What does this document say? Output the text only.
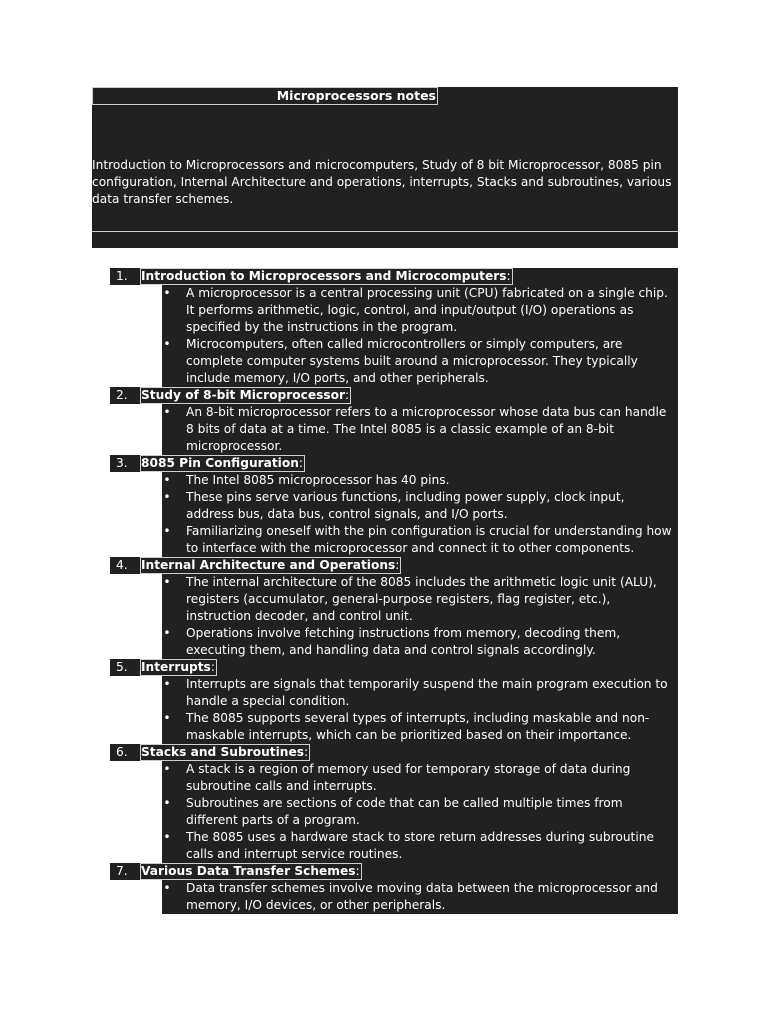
Microprocessors notes
Introduction to Microprocessors and microcomputers, Study of 8 bit Microprocessor, 8085 pin configuration, Internal Architecture and operations, interrupts, Stacks and subroutines, various data transfer schemes.
1. Introduction to Microprocessors and Microcomputers:
• A microprocessor is a central processing unit (CPU) fabricated on a single chip. It performs arithmetic, logic, control, and input/output (I/O) operations as specified by the instructions in the program.
• Microcomputers, often called microcontrollers or simply computers, are complete computer systems built around a microprocessor. They typically include memory, I/O ports, and other peripherals.
2. Study of 8-bit Microprocessor:
• An 8-bit microprocessor refers to a microprocessor whose data bus can handle 8 bits of data at a time. The Intel 8085 is a classic example of an 8-bit microprocessor.
3. 8085 Pin Configuration:
• The Intel 8085 microprocessor has 40 pins.
• These pins serve various functions, including power supply, clock input, address bus, data bus, control signals, and I/O ports.
• Familiarizing oneself with the pin configuration is crucial for understanding how to interface with the microprocessor and connect it to other components.
4. Internal Architecture and Operations:
• The internal architecture of the 8085 includes the arithmetic logic unit (ALU), registers (accumulator, general-purpose registers, flag register, etc.), instruction decoder, and control unit.
• Operations involve fetching instructions from memory, decoding them, executing them, and handling data and control signals accordingly.
5. Interrupts:
• Interrupts are signals that temporarily suspend the main program execution to handle a special condition.
• The 8085 supports several types of interrupts, including maskable and non-maskable interrupts, which can be prioritized based on their importance.
6. Stacks and Subroutines:
• A stack is a region of memory used for temporary storage of data during subroutine calls and interrupts.
• Subroutines are sections of code that can be called multiple times from different parts of a program.
• The 8085 uses a hardware stack to store return addresses during subroutine calls and interrupt service routines.
7. Various Data Transfer Schemes:
• Data transfer schemes involve moving data between the microprocessor and memory, I/O devices, or other peripherals.
